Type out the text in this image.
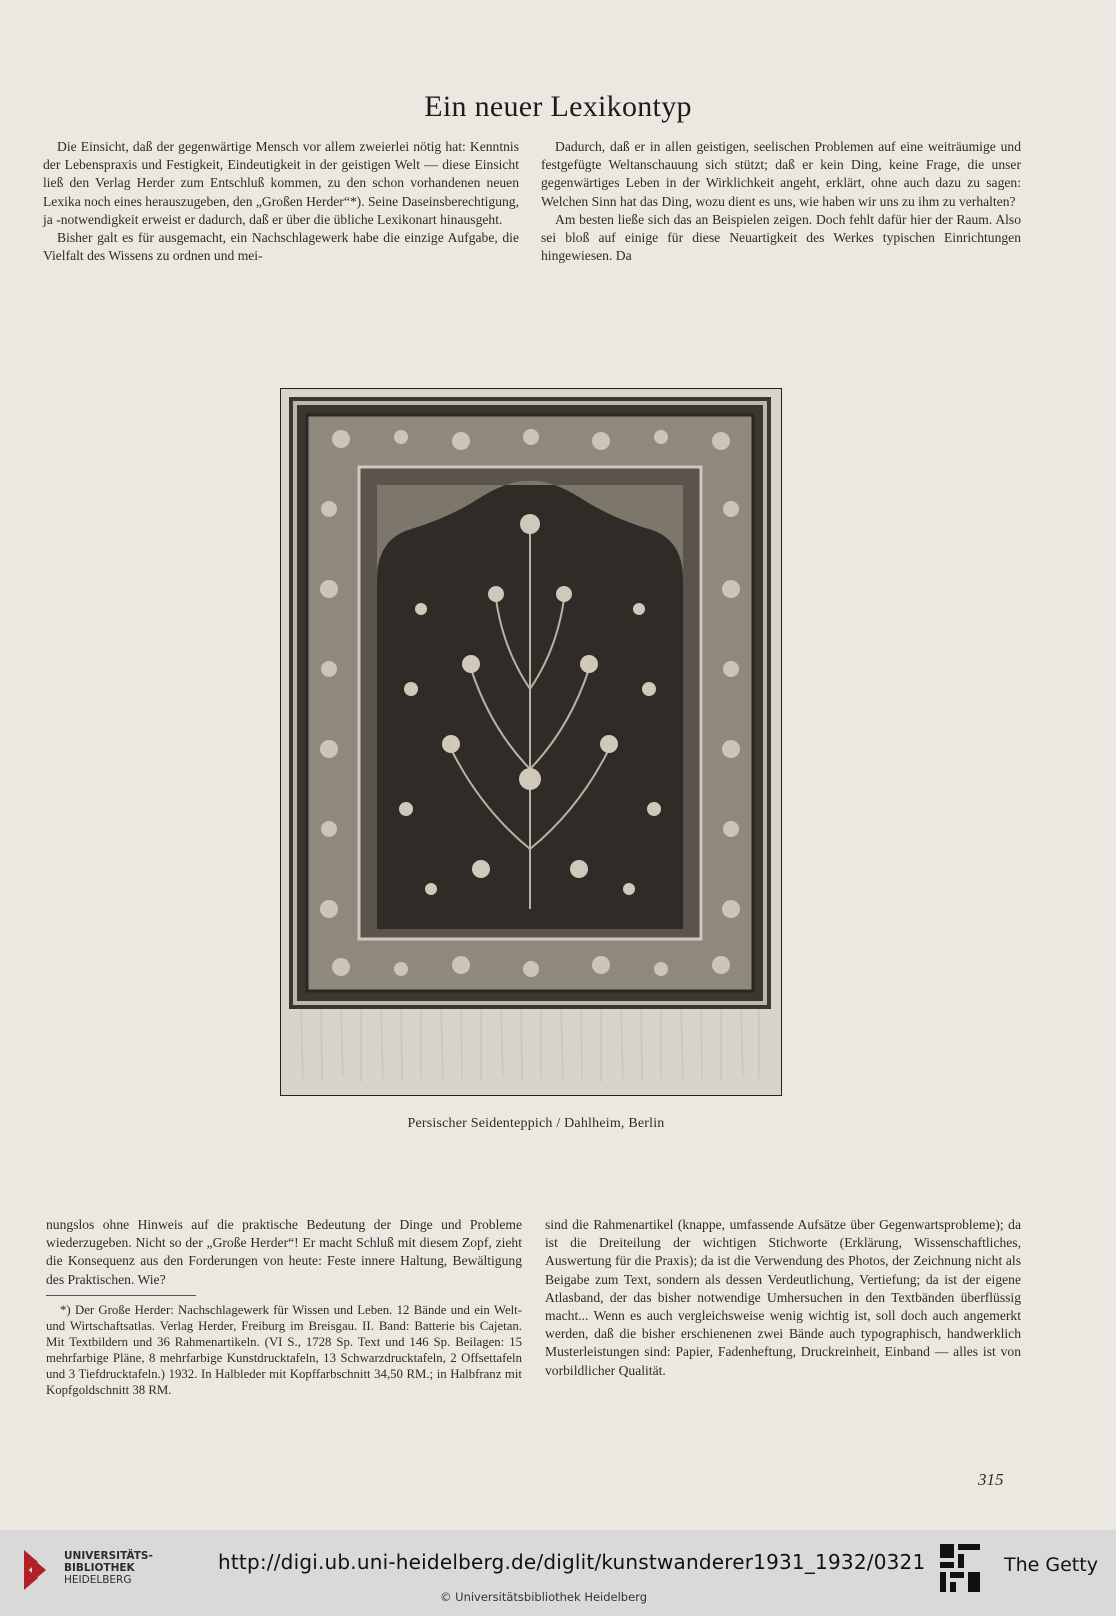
Ein neuer Lexikontyp

Die Einsicht, daß der gegenwärtige Mensch vor allem zweierlei nötig hat: Kenntnis der Lebenspraxis und Festigkeit, Eindeutigkeit in der geistigen Welt — diese Einsicht ließ den Verlag Herder zum Entschluß kommen, zu den schon vorhandenen neuen Lexika noch eines herauszugeben, den „Großen Herder“*). Seine Daseinsberechtigung, ja -notwendigkeit erweist er dadurch, daß er über die übliche Lexikonart hinausgeht.

Bisher galt es für ausgemacht, ein Nachschlagewerk habe die einzige Aufgabe, die Vielfalt des Wissens zu ordnen und mei-

Dadurch, daß er in allen geistigen, seelischen Problemen auf eine weiträumige und festgefügte Weltanschauung sich stützt; daß er kein Ding, keine Frage, die unser gegenwärtiges Leben in der Wirklichkeit angeht, erklärt, ohne auch dazu zu sagen: Welchen Sinn hat das Ding, wozu dient es uns, wie haben wir uns zu ihm zu verhalten?

Am besten ließe sich das an Beispielen zeigen. Doch fehlt dafür hier der Raum. Also sei bloß auf einige für diese Neuartigkeit des Werkes typischen Einrichtungen hingewiesen. Da

Persischer Seidenteppich / Dahlheim, Berlin

nungslos ohne Hinweis auf die praktische Bedeutung der Dinge und Probleme wiederzugeben. Nicht so der „Große Herder“! Er macht Schluß mit diesem Zopf, zieht die Konsequenz aus den Forderungen von heute: Feste innere Haltung, Bewältigung des Praktischen. Wie?

*) Der Große Herder: Nachschlagewerk für Wissen und Leben. 12 Bände und ein Welt- und Wirtschaftsatlas. Verlag Herder, Freiburg im Breisgau. II. Band: Batterie bis Cajetan. Mit Textbildern und 36 Rahmenartikeln. (VI S., 1728 Sp. Text und 146 Sp. Beilagen: 15 mehrfarbige Pläne, 8 mehrfarbige Kunstdrucktafeln, 13 Schwarzdrucktafeln, 2 Offsettafeln und 3 Tiefdrucktafeln.) 1932. In Halbleder mit Kopffarbschnitt 34,50 RM.; in Halbfranz mit Kopfgoldschnitt 38 RM.

sind die Rahmenartikel (knappe, umfassende Aufsätze über Gegenwartsprobleme); da ist die Dreiteilung der wichtigen Stichworte (Erklärung, Wissenschaftliches, Auswertung für die Praxis); da ist die Verwendung des Photos, der Zeichnung nicht als Beigabe zum Text, sondern als dessen Verdeutlichung, Vertiefung; da ist der eigene Atlasband, der das bisher notwendige Umhersuchen in den Textbänden überflüssig macht... Wenn es auch vergleichsweise wenig wichtig ist, soll doch auch angemerkt werden, daß die bisher erschienenen zwei Bände auch typographisch, handwerklich Musterleistungen sind: Papier, Fadenheftung, Druckreinheit, Einband — alles ist von vorbildlicher Qualität.

315
UNIVERSITÄTS-
BIBLIOTHEK
HEIDELBERG
http://digi.ub.uni-heidelberg.de/diglit/kunstwanderer1931_1932/0321
© Universitätsbibliothek Heidelberg
The Getty
